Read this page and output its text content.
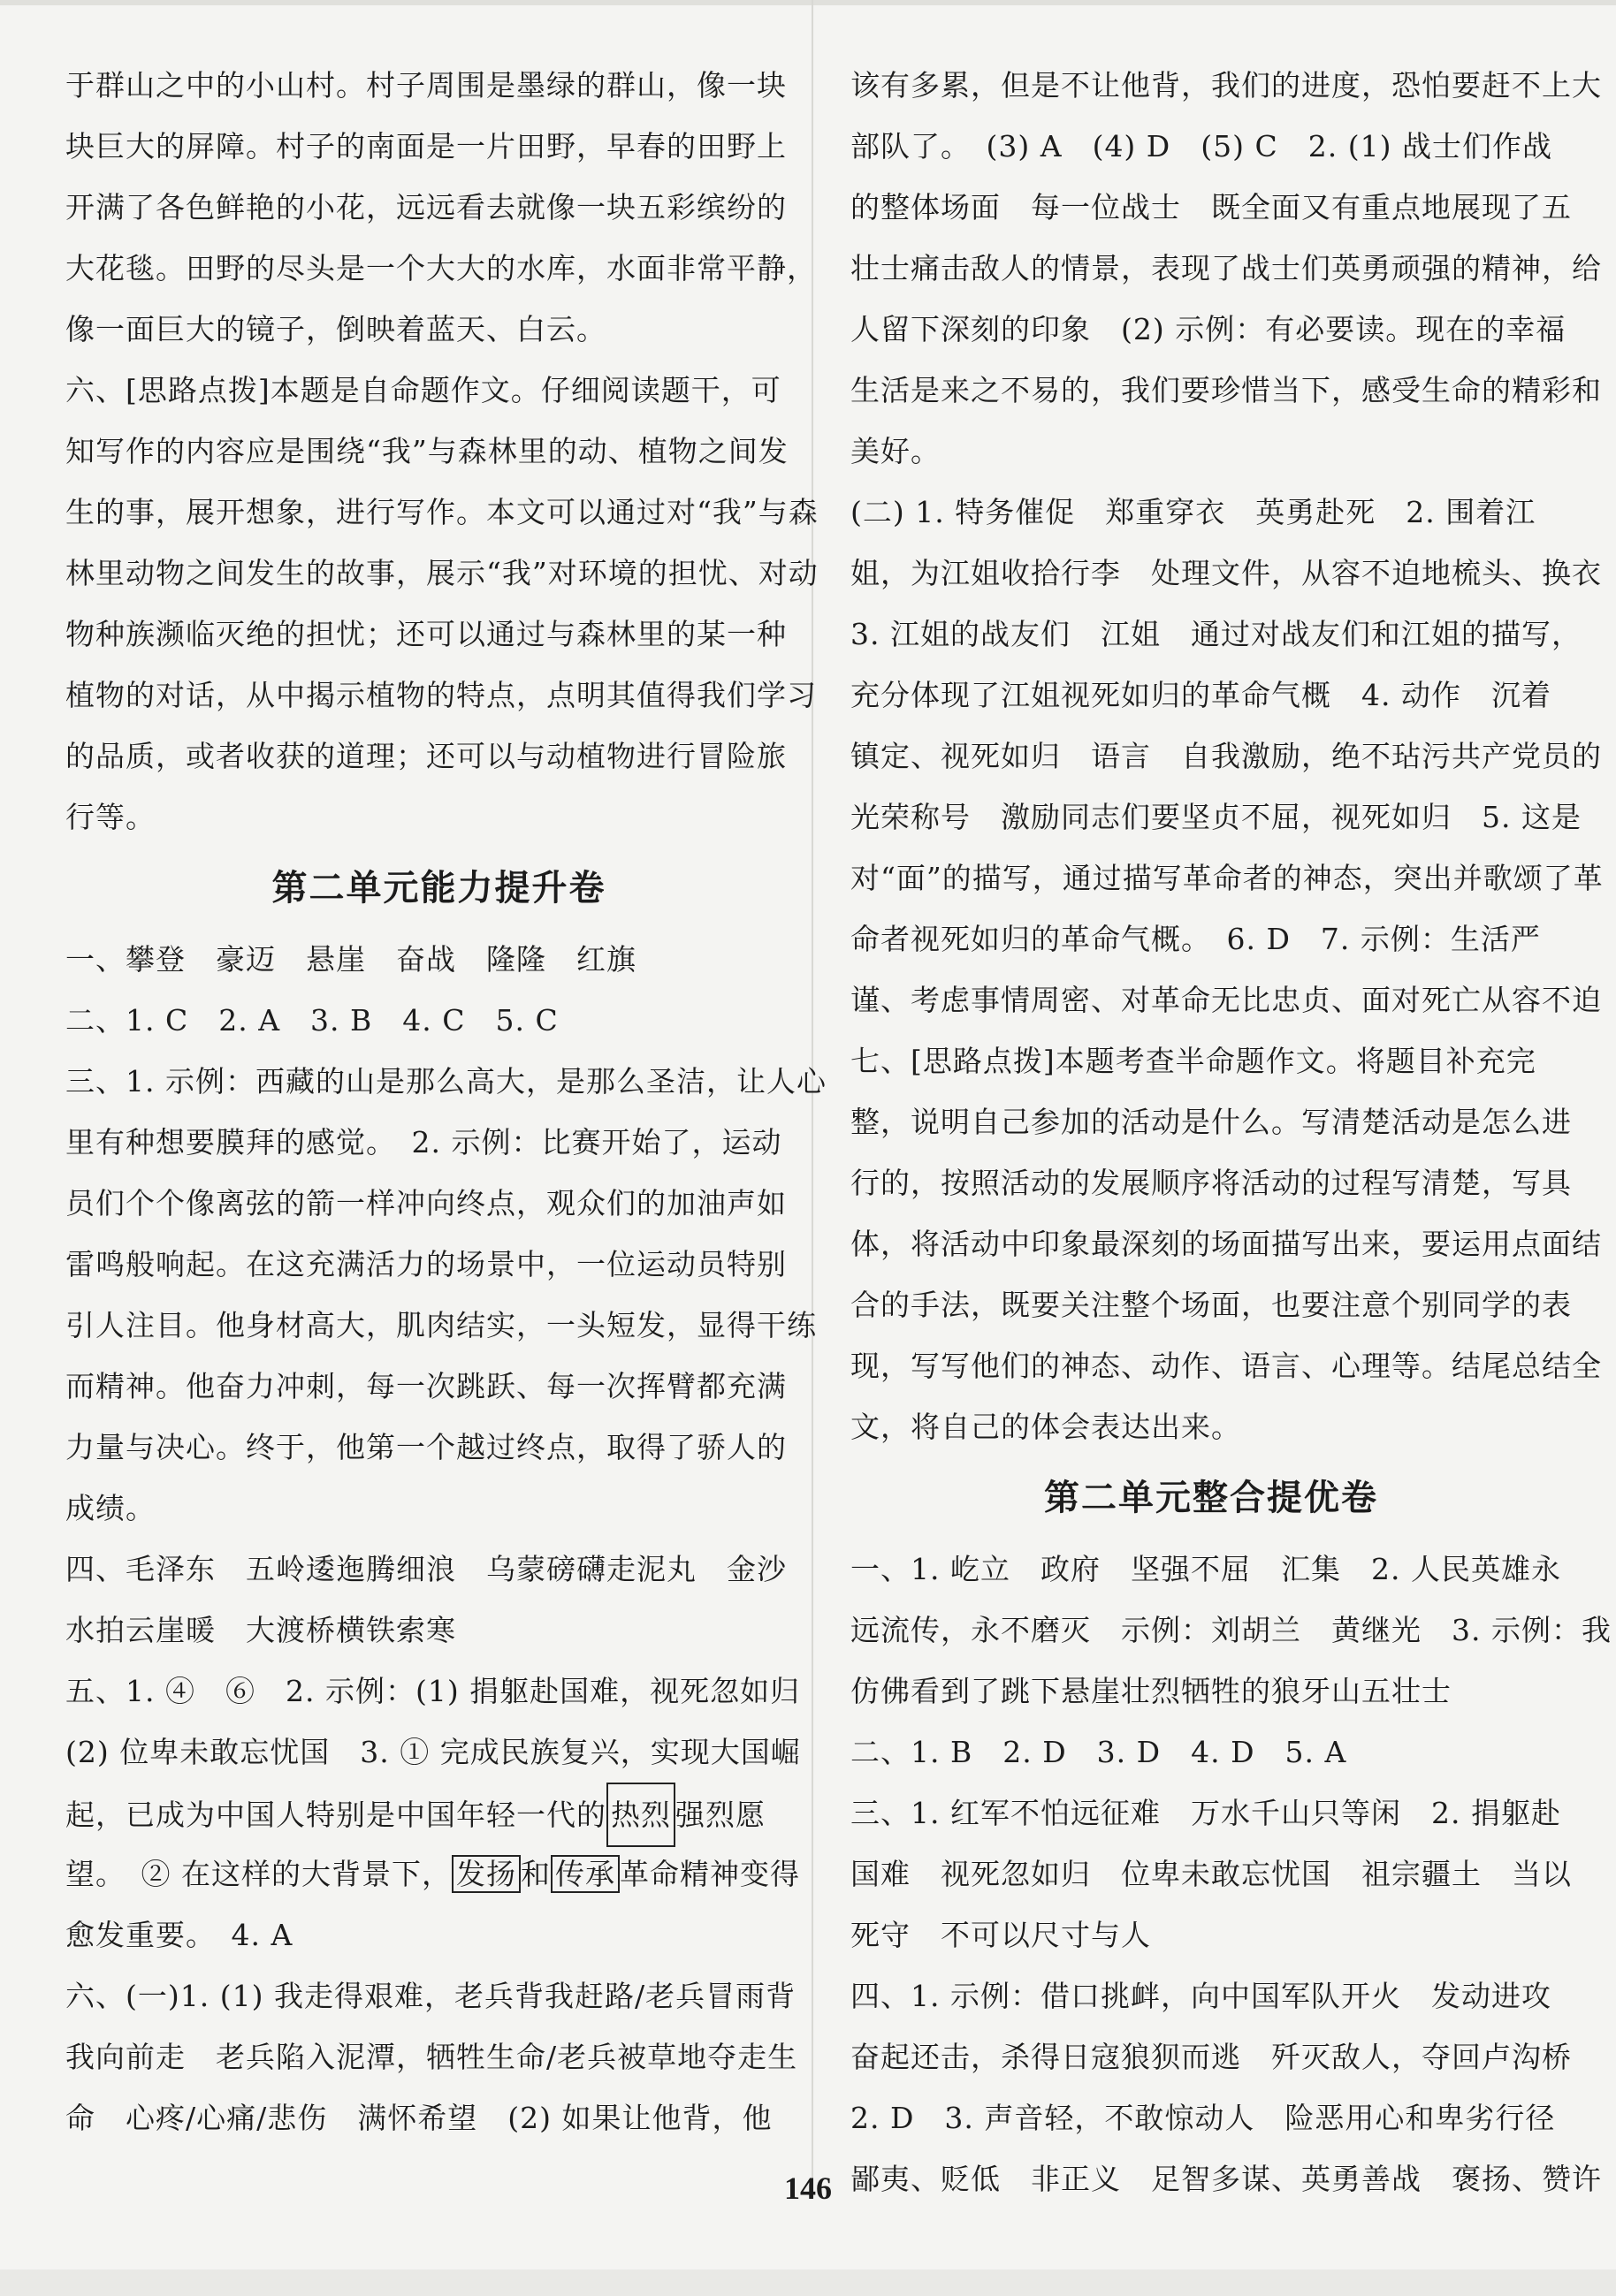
于群山之中的小山村。村子周围是墨绿的群山，像一块
块巨大的屏障。村子的南面是一片田野，早春的田野上
开满了各色鲜艳的小花，远远看去就像一块五彩缤纷的
大花毯。田野的尽头是一个大大的水库，水面非常平静，
像一面巨大的镜子，倒映着蓝天、白云。
六、[思路点拨]本题是自命题作文。仔细阅读题干，可
知写作的内容应是围绕“我”与森林里的动、植物之间发
生的事，展开想象，进行写作。本文可以通过对“我”与森
林里动物之间发生的故事，展示“我”对环境的担忧、对动
物种族濒临灭绝的担忧；还可以通过与森林里的某一种
植物的对话，从中揭示植物的特点，点明其值得我们学习
的品质，或者收获的道理；还可以与动植物进行冒险旅
行等。
第二单元能力提升卷
一、攀登　豪迈　悬崖　奋战　隆隆　红旗
二、1. C　2. A　3. B　4. C　5. C
三、1. 示例：西藏的山是那么高大，是那么圣洁，让人心
里有种想要膜拜的感觉。　2. 示例：比赛开始了，运动
员们个个像离弦的箭一样冲向终点，观众们的加油声如
雷鸣般响起。在这充满活力的场景中，一位运动员特别
引人注目。他身材高大，肌肉结实，一头短发，显得干练
而精神。他奋力冲刺，每一次跳跃、每一次挥臂都充满
力量与决心。终于，他第一个越过终点，取得了骄人的
成绩。
四、毛泽东　五岭逶迤腾细浪　乌蒙磅礴走泥丸　金沙
水拍云崖暖　大渡桥横铁索寒
五、1. ④　⑥　2. 示例：(1) 捐躯赴国难，视死忽如归
(2) 位卑未敢忘忧国　3. ① 完成民族复兴，实现大国崛
起，已成为中国人特别是中国年轻一代的 热烈 强烈愿
望。　② 在这样的大背景下， 发扬 和 传承 革命精神变得
愈发重要。　4. A
六、(一)1. (1) 我走得艰难，老兵背我赶路/老兵冒雨背
我向前走　老兵陷入泥潭，牺牲生命/老兵被草地夺走生
命　心疼/心痛/悲伤　满怀希望　(2) 如果让他背，他
该有多累，但是不让他背，我们的进度，恐怕要赶不上大
部队了。　(3) A　(4) D　(5) C　2. (1) 战士们作战
的整体场面　每一位战士　既全面又有重点地展现了五
壮士痛击敌人的情景，表现了战士们英勇顽强的精神，给
人留下深刻的印象　(2) 示例：有必要读。现在的幸福
生活是来之不易的，我们要珍惜当下，感受生命的精彩和
美好。
(二) 1. 特务催促　郑重穿衣　英勇赴死　2. 围着江
姐，为江姐收拾行李　处理文件，从容不迫地梳头、换衣
3. 江姐的战友们　江姐　通过对战友们和江姐的描写，
充分体现了江姐视死如归的革命气概　4. 动作　沉着
镇定、视死如归　语言　自我激励，绝不玷污共产党员的
光荣称号　激励同志们要坚贞不屈，视死如归　5. 这是
对“面”的描写，通过描写革命者的神态，突出并歌颂了革
命者视死如归的革命气概。　6. D　7. 示例：生活严
谨、考虑事情周密、对革命无比忠贞、面对死亡从容不迫
七、[思路点拨]本题考查半命题作文。将题目补充完
整，说明自己参加的活动是什么。写清楚活动是怎么进
行的，按照活动的发展顺序将活动的过程写清楚，写具
体，将活动中印象最深刻的场面描写出来，要运用点面结
合的手法，既要关注整个场面，也要注意个别同学的表
现，写写他们的神态、动作、语言、心理等。结尾总结全
文，将自己的体会表达出来。
第二单元整合提优卷
一、1. 屹立　政府　坚强不屈　汇集　2. 人民英雄永
远流传，永不磨灭　示例：刘胡兰　黄继光　3. 示例：我
仿佛看到了跳下悬崖壮烈牺牲的狼牙山五壮士
二、1. B　2. D　3. D　4. D　5. A
三、1. 红军不怕远征难　万水千山只等闲　2. 捐躯赴
国难　视死忽如归　位卑未敢忘忧国　祖宗疆土　当以
死守　不可以尺寸与人
四、1. 示例：借口挑衅，向中国军队开火　发动进攻
奋起还击，杀得日寇狼狈而逃　歼灭敌人，夺回卢沟桥
2. D　3. 声音轻，不敢惊动人　险恶用心和卑劣行径
鄙夷、贬低　非正义　足智多谋、英勇善战　褒扬、赞许
146
